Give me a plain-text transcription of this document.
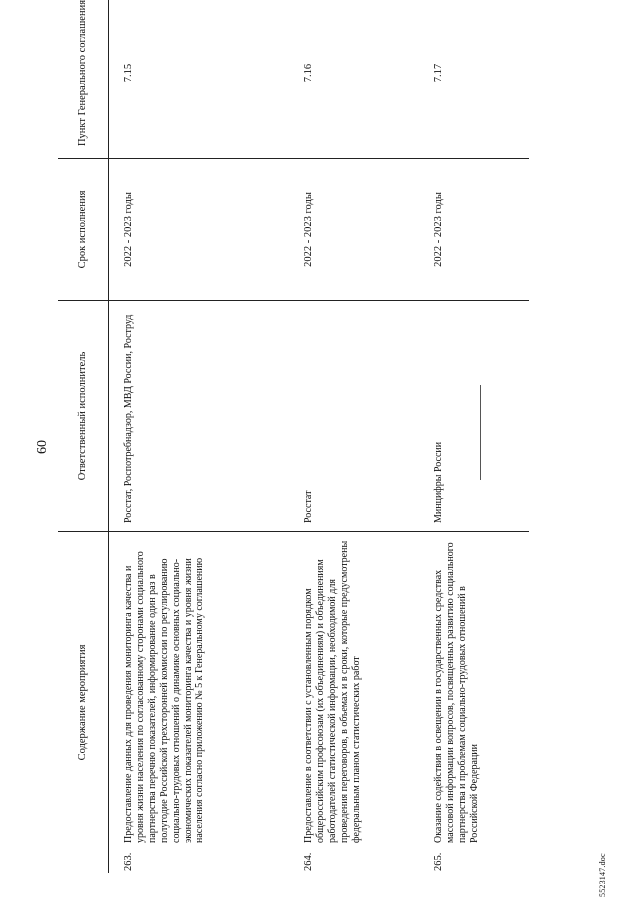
60
Содержание мероприятия	Ответственный исполнитель	Срок исполнения	Пункт Генерального соглашения

263.
Предоставление данных для проведения мониторинга качества и уровня жизни населения по согласованному сторонами социального партнерства перечню показателей, информирование один раз в полугодие Российской трехсторонней комиссии по регулированию социально-трудовых отношений о динамике основных социально-экономических показателей мониторинга качества и уровня жизни населения согласно приложению № 5 к Генеральному соглашению	Росстат, Роспотребнадзор, МВД России, Роструд	2022 - 2023 годы	7.15

264.
Предоставление в соответствии с установленным порядком общероссийским профсоюзам (их объединениям) и объединениям работодателей статистической информации, необходимой для проведения переговоров, в объемах и в сроки, которые предусмотрены федеральным планом статистических работ	Росстат	2022 - 2023 годы	7.16

265.
Оказание содействия в освещении в государственных средствах массовой информации вопросов, посвященных развитию социального партнерства и проблемам социально-трудовых отношений в Российской Федерации	Минцифры России	2022 - 2023 годы	7.17
5523147.doc
